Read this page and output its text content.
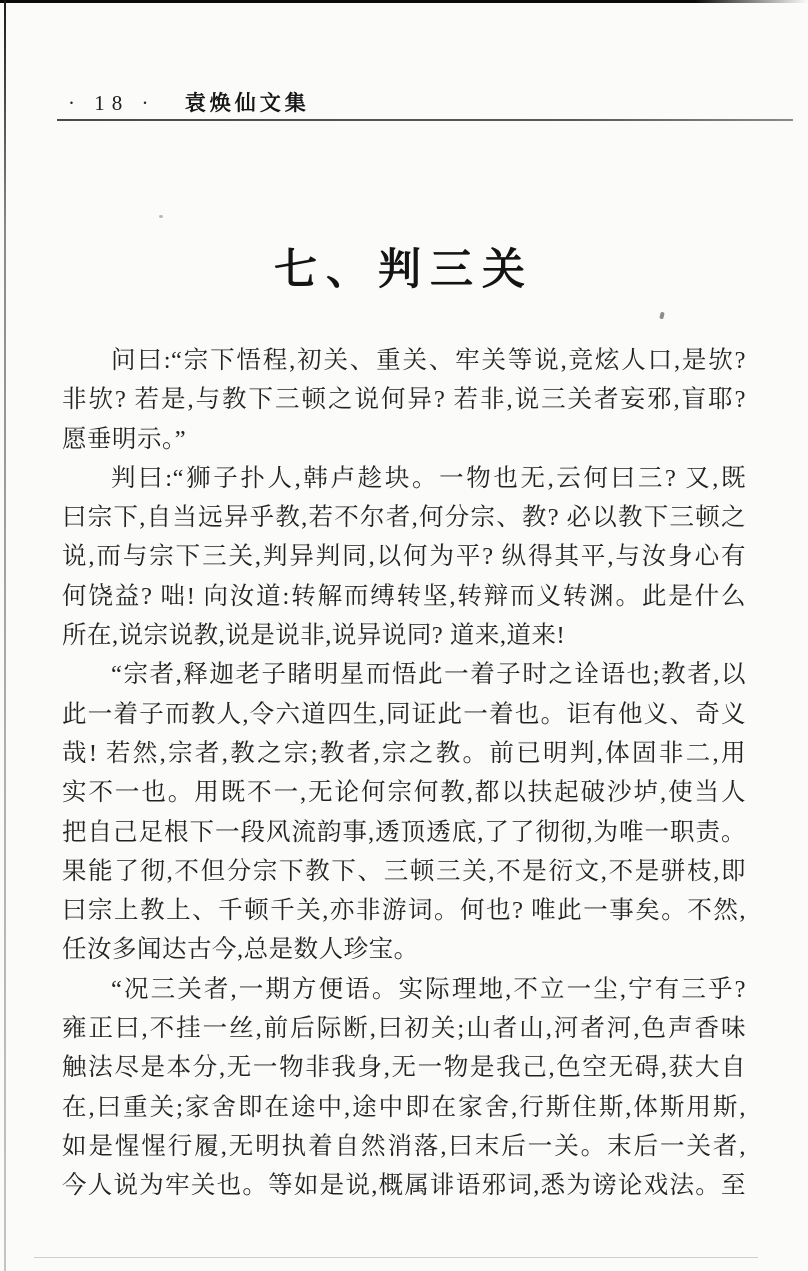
· 18 · 袁焕仙文集
七、判三关
问曰:“宗下悟程,初关、重关、牢关等说,竞炫人口,是欤?
非欤? 若是,与教下三顿之说何异? 若非,说三关者妄邪,盲耶?
愿垂明示。”
判曰:“狮子扑人,韩卢趁块。一物也无,云何曰三? 又,既
曰宗下,自当远异乎教,若不尔者,何分宗、教? 必以教下三顿之
说,而与宗下三关,判异判同,以何为平? 纵得其平,与汝身心有
何饶益? 咄! 向汝道:转解而缚转坚,转辩而义转渊。此是什么
所在,说宗说教,说是说非,说异说同? 道来,道来!
“宗者,释迦老子睹明星而悟此一着子时之诠语也;教者,以
此一着子而教人,令六道四生,同证此一着也。讵有他义、奇义
哉! 若然,宗者,教之宗;教者,宗之教。前已明判,体固非二,用
实不一也。用既不一,无论何宗何教,都以扶起破沙垆,使当人
把自己足根下一段风流韵事,透顶透底,了了彻彻,为唯一职责。
果能了彻,不但分宗下教下、三顿三关,不是衍文,不是骈枝,即
曰宗上教上、千顿千关,亦非游词。何也? 唯此一事矣。不然,
任汝多闻达古今,总是数人珍宝。
“况三关者,一期方便语。实际理地,不立一尘,宁有三乎?
雍正曰,不挂一丝,前后际断,曰初关;山者山,河者河,色声香味
触法尽是本分,无一物非我身,无一物是我己,色空无碍,获大自
在,曰重关;家舍即在途中,途中即在家舍,行斯住斯,体斯用斯,
如是惺惺行履,无明执着自然消落,曰末后一关。末后一关者,
今人说为牢关也。等如是说,概属诽语邪词,悉为谤论戏法。至
